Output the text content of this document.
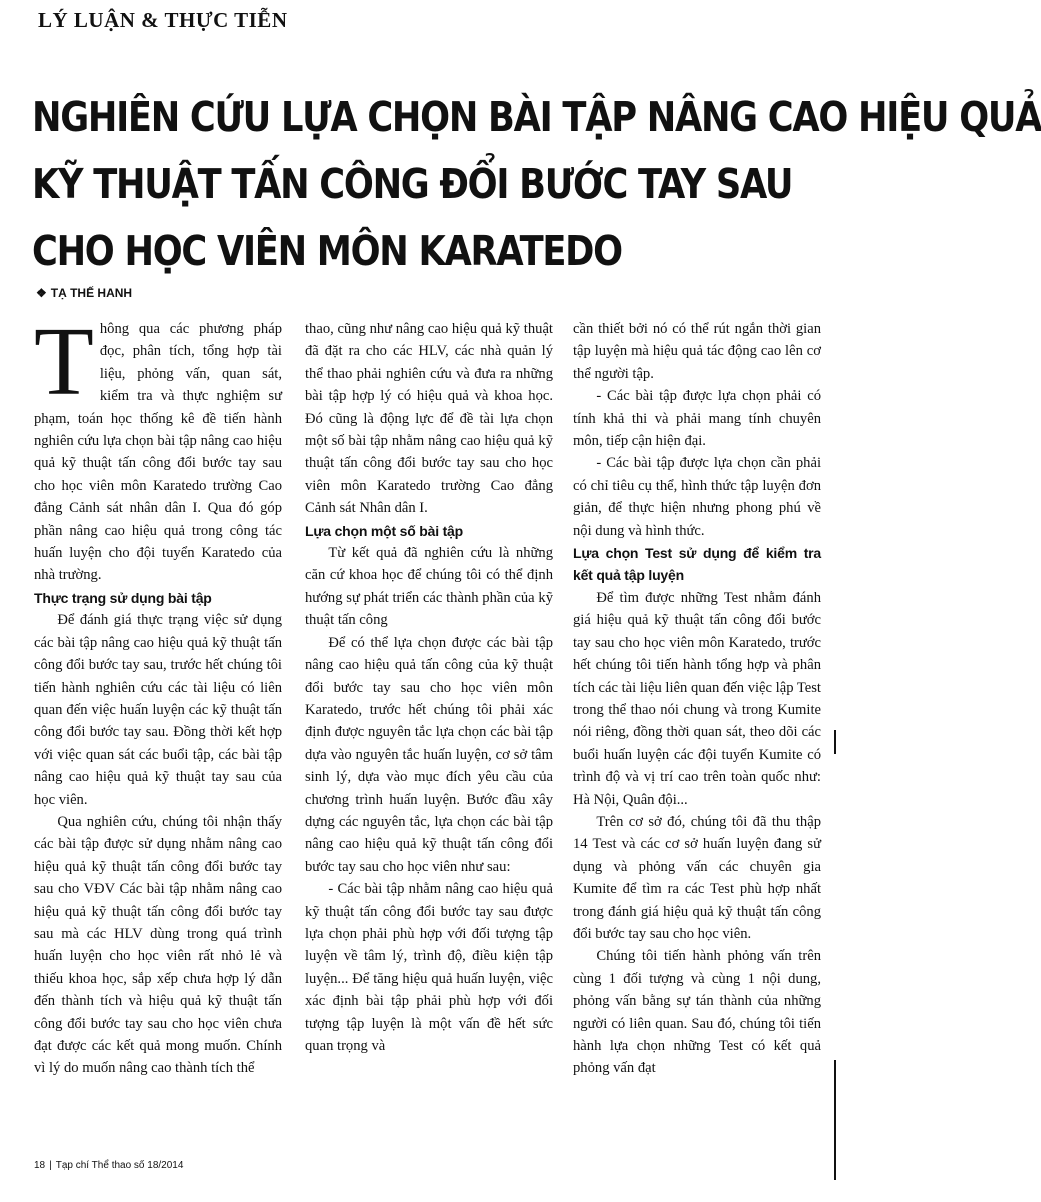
LÝ LUẬN & THỰC TIỄN
NGHIÊN CỨU LỰA CHỌN BÀI TẬP NÂNG CAO HIỆU QUẢ
KỸ THUẬT TẤN CÔNG ĐỔI BƯỚC TAY SAU
CHO HỌC VIÊN MÔN KARATEDO
❖ TẠ THẾ HANH

Thông qua các phương pháp đọc, phân tích, tổng hợp tài liệu, phỏng vấn, quan sát, kiểm tra và thực nghiệm sư phạm, toán học thống kê đề tiến hành nghiên cứu lựa chọn bài tập nâng cao hiệu quả kỹ thuật tấn công đổi bước tay sau cho học viên môn Karatedo trường Cao đẳng Cảnh sát nhân dân I. Qua đó góp phần nâng cao hiệu quả trong công tác huấn luyện cho đội tuyển Karatedo của nhà trường.

Thực trạng sử dụng bài tập

Để đánh giá thực trạng việc sử dụng các bài tập nâng cao hiệu quả kỹ thuật tấn công đổi bước tay sau, trước hết chúng tôi tiến hành nghiên cứu các tài liệu có liên quan đến việc huấn luyện các kỹ thuật tấn công đổi bước tay sau. Đồng thời kết hợp với việc quan sát các buổi tập, các bài tập nâng cao hiệu quả kỹ thuật tay sau của học viên.

Qua nghiên cứu, chúng tôi nhận thấy các bài tập được sử dụng nhằm nâng cao hiệu quả kỹ thuật tấn công đổi bước tay sau cho VĐV Các bài tập nhằm nâng cao hiệu quả kỹ thuật tấn công đổi bước tay sau mà các HLV dùng trong quá trình huấn luyện cho học viên rất nhỏ lẻ và thiếu khoa học, sắp xếp chưa hợp lý dẫn đến thành tích và hiệu quả kỹ thuật tấn công đổi bước tay sau cho học viên chưa đạt được các kết quả mong muốn. Chính vì lý do muốn nâng cao thành tích thể

thao, cũng như nâng cao hiệu quả kỹ thuật đã đặt ra cho các HLV, các nhà quản lý thể thao phải nghiên cứu và đưa ra những bài tập hợp lý có hiệu quả và khoa học. Đó cũng là động lực để đề tài lựa chọn một số bài tập nhằm nâng cao hiệu quả kỹ thuật tấn công đổi bước tay sau cho học viên môn Karatedo trường Cao đẳng Cảnh sát Nhân dân I.

Lựa chọn một số bài tập

Từ kết quả đã nghiên cứu là những căn cứ khoa học để chúng tôi có thể định hướng sự phát triển các thành phần của kỹ thuật tấn công

Để có thể lựa chọn được các bài tập nâng cao hiệu quả tấn công của kỹ thuật đổi bước tay sau cho học viên môn Karatedo, trước hết chúng tôi phải xác định được nguyên tắc lựa chọn các bài tập dựa vào nguyên tắc huấn luyện, cơ sở tâm sinh lý, dựa vào mục đích yêu cầu của chương trình huấn luyện. Bước đầu xây dựng các nguyên tắc, lựa chọn các bài tập nâng cao hiệu quả kỹ thuật tấn công đổi bước tay sau cho học viên như sau:

- Các bài tập nhằm nâng cao hiệu quả kỹ thuật tấn công đổi bước tay sau được lựa chọn phải phù hợp với đối tượng tập luyện về tâm lý, trình độ, điều kiện tập luyện... Để tăng hiệu quả huấn luyện, việc xác định bài tập phải phù hợp với đối tượng tập luyện là một vấn đề hết sức quan trọng và

cần thiết bởi nó có thể rút ngắn thời gian tập luyện mà hiệu quả tác động cao lên cơ thể người tập.

- Các bài tập được lựa chọn phải có tính khả thi và phải mang tính chuyên môn, tiếp cận hiện đại.

- Các bài tập được lựa chọn cần phải có chỉ tiêu cụ thể, hình thức tập luyện đơn giản, để thực hiện nhưng phong phú về nội dung và hình thức.

Lựa chọn Test sử dụng để kiểm tra kết quả tập luyện

Để tìm được những Test nhằm đánh giá hiệu quả kỹ thuật tấn công đổi bước tay sau cho học viên môn Karatedo, trước hết chúng tôi tiến hành tổng hợp và phân tích các tài liệu liên quan đến việc lập Test trong thể thao nói chung và trong Kumite nói riêng, đồng thời quan sát, theo dõi các buổi huấn luyện các đội tuyển Kumite có trình độ và vị trí cao trên toàn quốc như: Hà Nội, Quân đội...

Trên cơ sở đó, chúng tôi đã thu thập 14 Test và các cơ sở huấn luyện đang sử dụng và phỏng vấn các chuyên gia Kumite để tìm ra các Test phù hợp nhất trong đánh giá hiệu quả kỹ thuật tấn công đổi bước tay sau cho học viên.

Chúng tôi tiến hành phỏng vấn trên cùng 1 đối tượng và cùng 1 nội dung, phỏng vấn bằng sự tán thành của những người có liên quan. Sau đó, chúng tôi tiến hành lựa chọn những Test có kết quả phỏng vấn đạt

18 | Tạp chí Thể thao số 18/2014
